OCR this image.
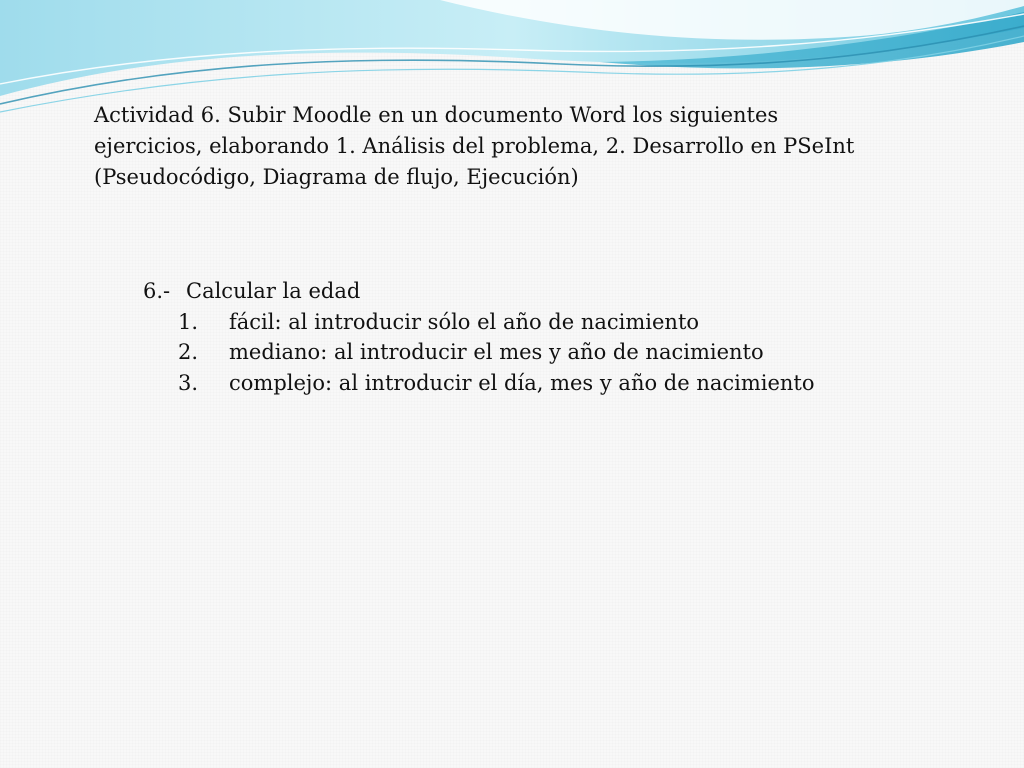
Actividad 6. Subir Moodle en un documento Word los siguientes ejercicios, elaborando 1. Análisis del problema, 2. Desarrollo en PSeInt (Pseudocódigo, Diagrama de flujo, Ejecución)

6.- Calcular la edad

1. fácil: al introducir sólo el año de nacimiento
2. mediano: al introducir el mes y año de nacimiento
3. complejo: al introducir el día, mes y año de nacimiento
